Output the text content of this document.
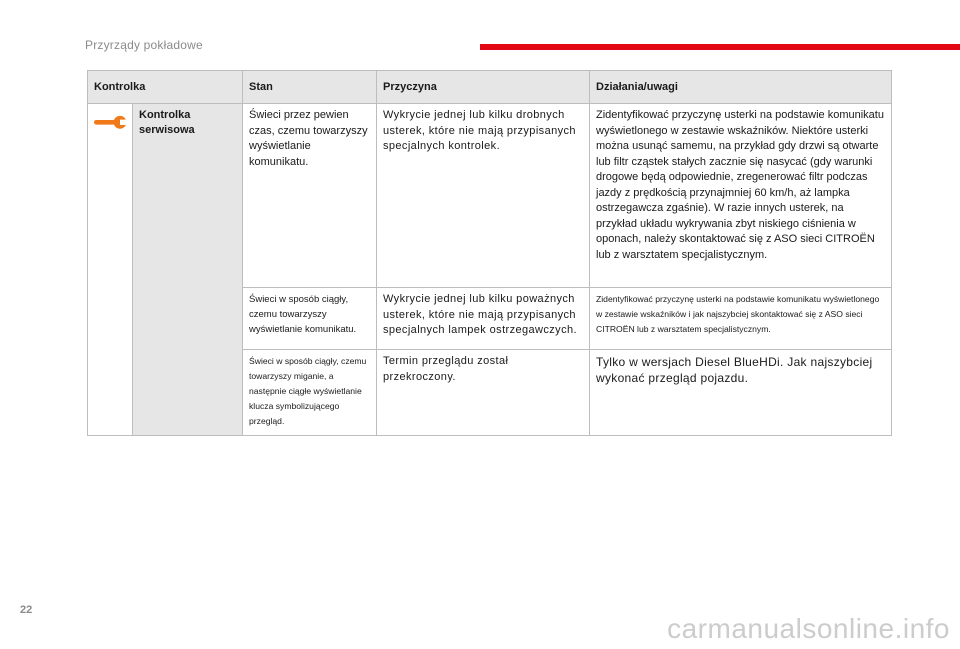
Przyrządy pokładowe
Kontrolka		Stan	Przyczyna	Działania/uwagi

Kontrolka serwisowa	Świeci przez pewien czas, czemu towarzyszy wyświetlanie komunikatu.	Wykrycie jednej lub kilku drobnych usterek, które nie mają przypisanych specjalnych kontrolek.	Zidentyfikować przyczynę usterki na podstawie komunikatu wyświetlonego w zestawie wskaźników. Niektóre usterki można usunąć samemu, na przykład gdy drzwi są otwarte lub filtr cząstek stałych zacznie się nasycać (gdy warunki drogowe będą odpowiednie, zregenerować filtr podczas jazdy z prędkością przynajmniej 60 km/h, aż lampka ostrzegawcza zgaśnie). W razie innych usterek, na przykład układu wykrywania zbyt niskiego ciśnienia w oponach, należy skontaktować się z ASO sieci CITROËN lub z warsztatem specjalistycznym.

		Świeci w sposób ciągły, czemu towarzyszy wyświetlanie komunikatu.	Wykrycie jednej lub kilku poważnych usterek, które nie mają przypisanych specjalnych lampek ostrzegawczych.	Zidentyfikować przyczynę usterki na podstawie komunikatu wyświetlonego w zestawie wskaźników i jak najszybciej skontaktować się z ASO sieci CITROËN lub z warsztatem specjalistycznym.

		Świeci w sposób ciągły, czemu towarzyszy miganie, a następnie ciągłe wyświetlanie klucza symbolizującego przegląd.	Termin przeglądu został przekroczony.	Tylko w wersjach Diesel BlueHDi. Jak najszybciej wykonać przegląd pojazdu.
22
carmanualsonline.info
